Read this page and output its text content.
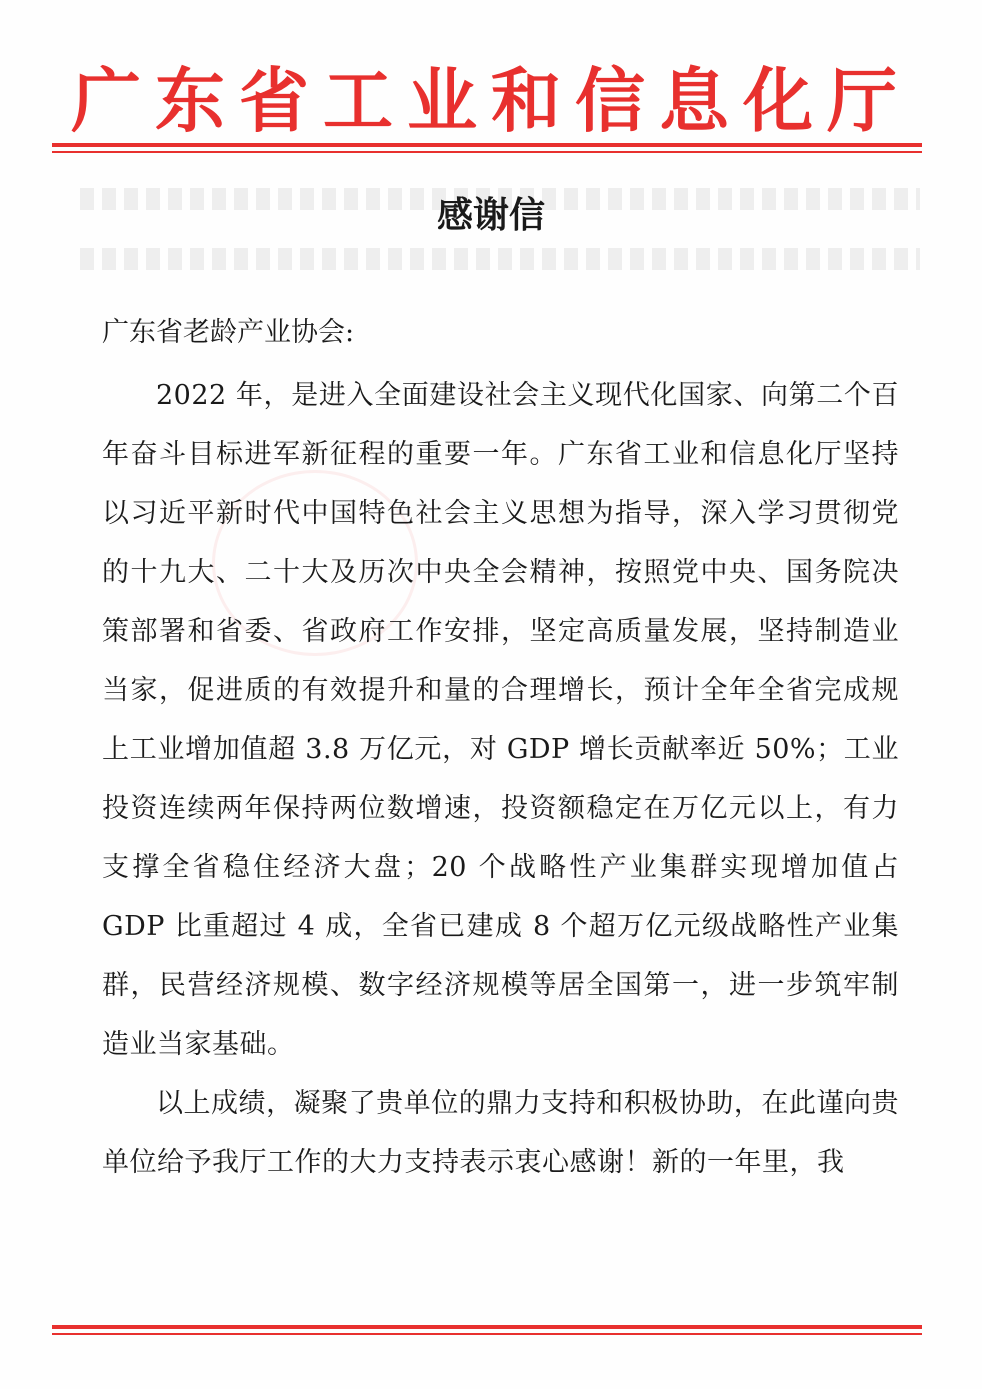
广东省工业和信息化厅
感谢信
广东省老龄产业协会:

2022 年，是进入全面建设社会主义现代化国家、向第二个百年奋斗目标进军新征程的重要一年。广东省工业和信息化厅坚持以习近平新时代中国特色社会主义思想为指导，深入学习贯彻党的十九大、二十大及历次中央全会精神，按照党中央、国务院决策部署和省委、省政府工作安排，坚定高质量发展，坚持制造业当家，促进质的有效提升和量的合理增长，预计全年全省完成规上工业增加值超 3.8 万亿元，对 GDP 增长贡献率近 50%；工业投资连续两年保持两位数增速，投资额稳定在万亿元以上，有力支撑全省稳住经济大盘；20 个战略性产业集群实现增加值占 GDP 比重超过 4 成，全省已建成 8 个超万亿元级战略性产业集群，民营经济规模、数字经济规模等居全国第一，进一步筑牢制造业当家基础。

以上成绩，凝聚了贵单位的鼎力支持和积极协助，在此谨向贵单位给予我厅工作的大力支持表示衷心感谢！新的一年里，我
